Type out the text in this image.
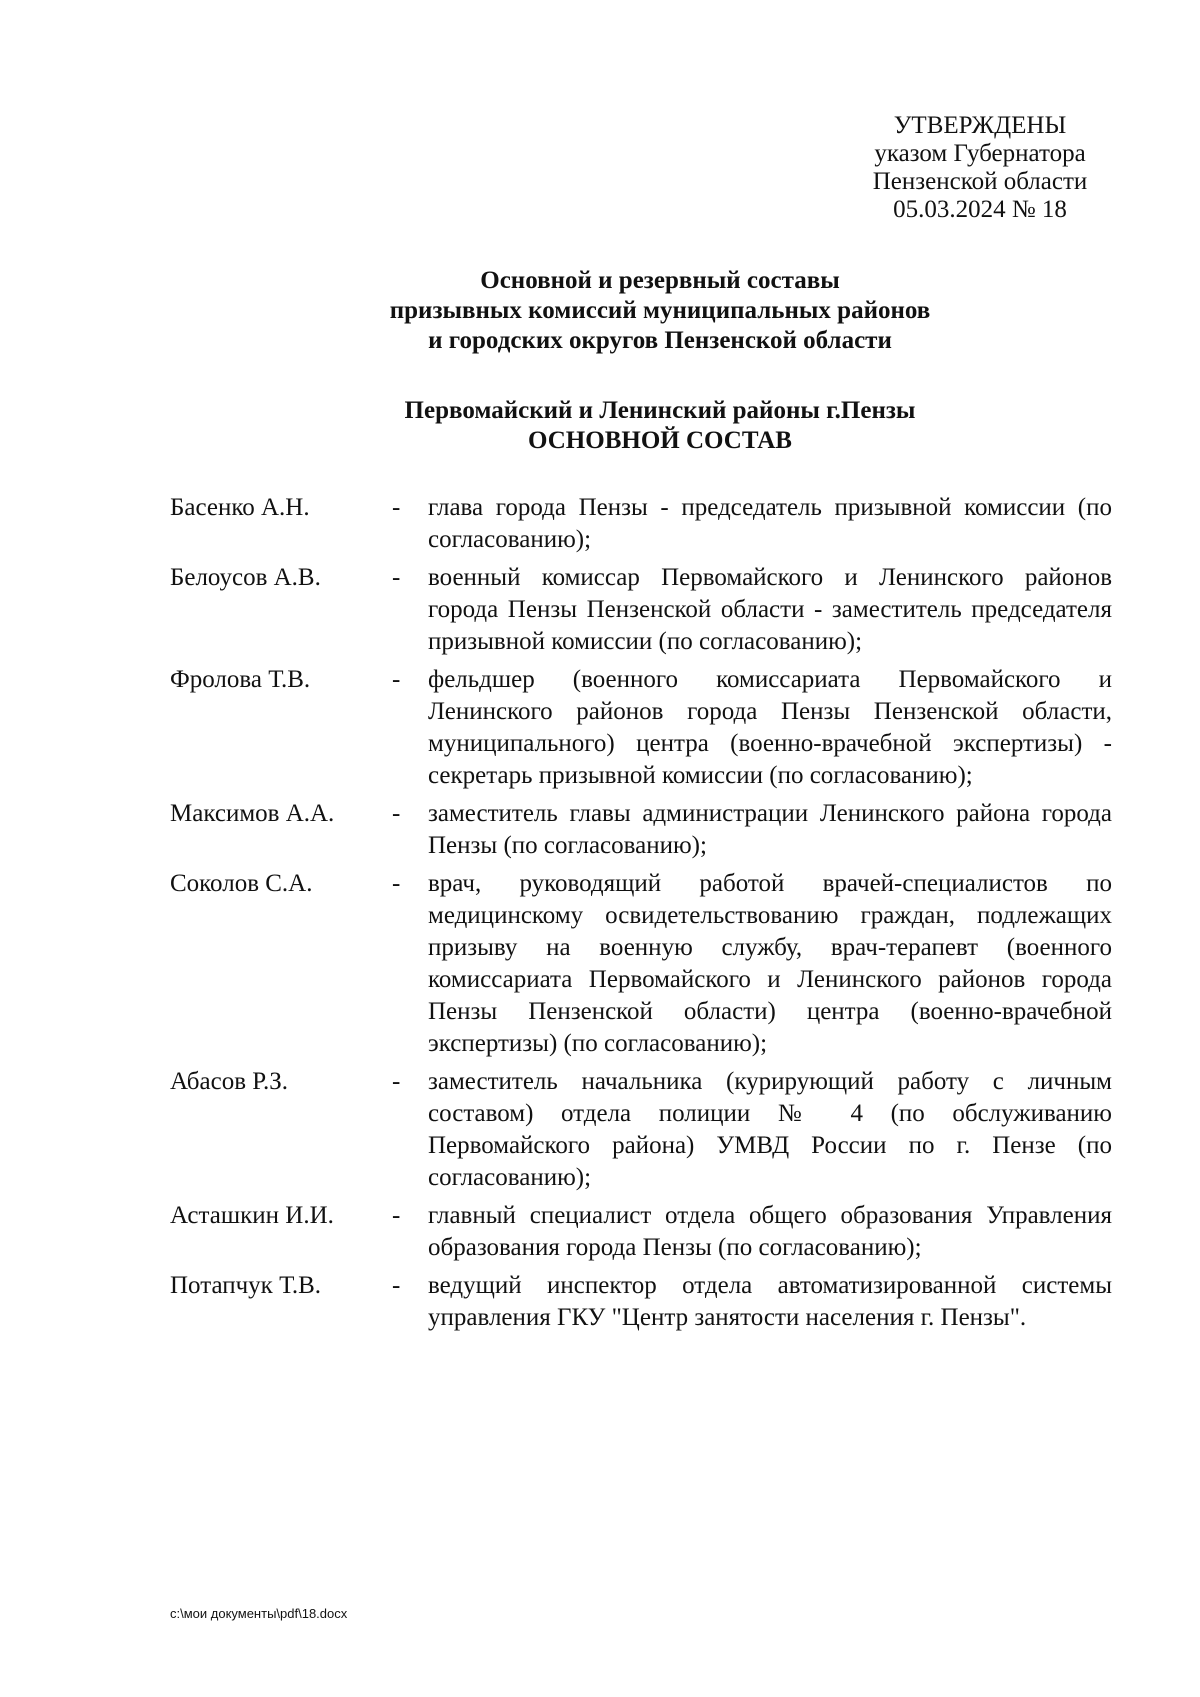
УТВЕРЖДЕНЫ
указом Губернатора
Пензенской области
05.03.2024 № 18
Основной и резервный составы
призывных комиссий муниципальных районов
и городских округов Пензенской области
Первомайский и Ленинский районы г.Пензы
ОСНОВНОЙ СОСТАВ
Басенко А.Н.	-	глава города Пензы - председатель призывной комиссии (по согласованию);
Белоусов А.В.	-	военный комиссар Первомайского и Ленинского районов города Пензы Пензенской области - заместитель председателя призывной комиссии (по согласованию);
Фролова Т.В.	-	фельдшер (военного комиссариата Первомайского и Ленинского районов города Пензы Пензенской области, муниципального) центра (военно-врачебной экспертизы) - секретарь призывной комиссии (по согласованию);
Максимов А.А.	-	заместитель главы администрации Ленинского района города Пензы (по согласованию);
Соколов С.А.	-	врач, руководящий работой врачей-специалистов по медицинскому освидетельствованию граждан, подлежащих призыву на военную службу, врач-терапевт (военного комиссариата Первомайского и Ленинского районов города Пензы Пензенской области) центра (военно-врачебной экспертизы) (по согласованию);
Абасов Р.З.	-	заместитель начальника (курирующий работу с личным составом) отдела полиции № 4 (по обслуживанию Первомайского района) УМВД России по г. Пензе (по согласованию);
Асташкин И.И.	-	главный специалист отдела общего образования Управления образования города Пензы (по согласованию);
Потапчук Т.В.	-	ведущий инспектор отдела автоматизированной системы управления ГКУ "Центр занятости населения г. Пензы".
c:\мои документы\pdf\18.docx
